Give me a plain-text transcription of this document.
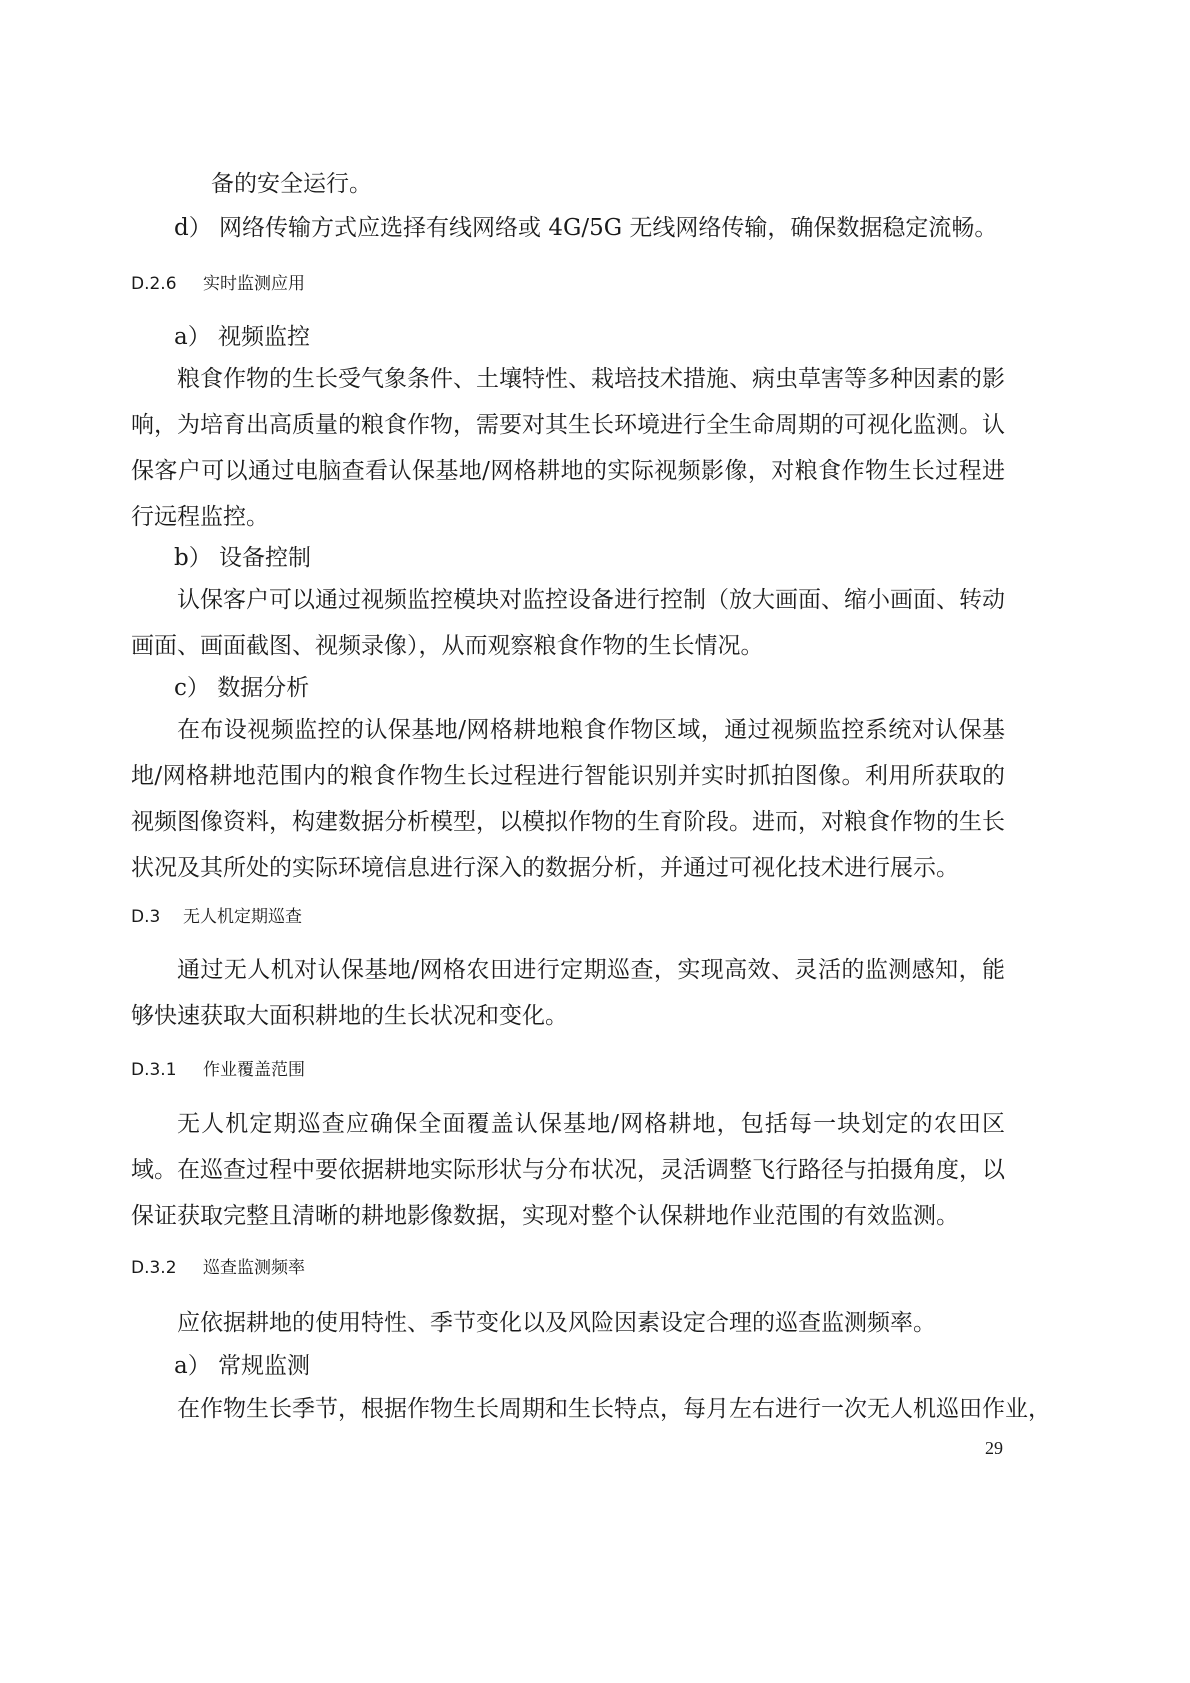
备的安全运行。
d） 网络传输方式应选择有线网络或 4G/5G 无线网络传输，确保数据稳定流畅。
D.2.6 实时监测应用
a） 视频监控
粮食作物的生长受气象条件、土壤特性、栽培技术措施、病虫草害等多种因素的影响，为培育出高质量的粮食作物，需要对其生长环境进行全生命周期的可视化监测。认保客户可以通过电脑查看认保基地/网格耕地的实际视频影像，对粮食作物生长过程进行远程监控。
b） 设备控制
认保客户可以通过视频监控模块对监控设备进行控制（放大画面、缩小画面、转动画面、画面截图、视频录像），从而观察粮食作物的生长情况。
c） 数据分析
在布设视频监控的认保基地/网格耕地粮食作物区域，通过视频监控系统对认保基地/网格耕地范围内的粮食作物生长过程进行智能识别并实时抓拍图像。利用所获取的视频图像资料，构建数据分析模型，以模拟作物的生育阶段。进而，对粮食作物的生长状况及其所处的实际环境信息进行深入的数据分析，并通过可视化技术进行展示。
D.3 无人机定期巡查
通过无人机对认保基地/网格农田进行定期巡查，实现高效、灵活的监测感知，能够快速获取大面积耕地的生长状况和变化。
D.3.1 作业覆盖范围
无人机定期巡查应确保全面覆盖认保基地/网格耕地，包括每一块划定的农田区域。在巡查过程中要依据耕地实际形状与分布状况，灵活调整飞行路径与拍摄角度，以保证获取完整且清晰的耕地影像数据，实现对整个认保耕地作业范围的有效监测。
D.3.2 巡查监测频率
应依据耕地的使用特性、季节变化以及风险因素设定合理的巡查监测频率。
a） 常规监测
在作物生长季节，根据作物生长周期和生长特点，每月左右进行一次无人机巡田作业，
29
